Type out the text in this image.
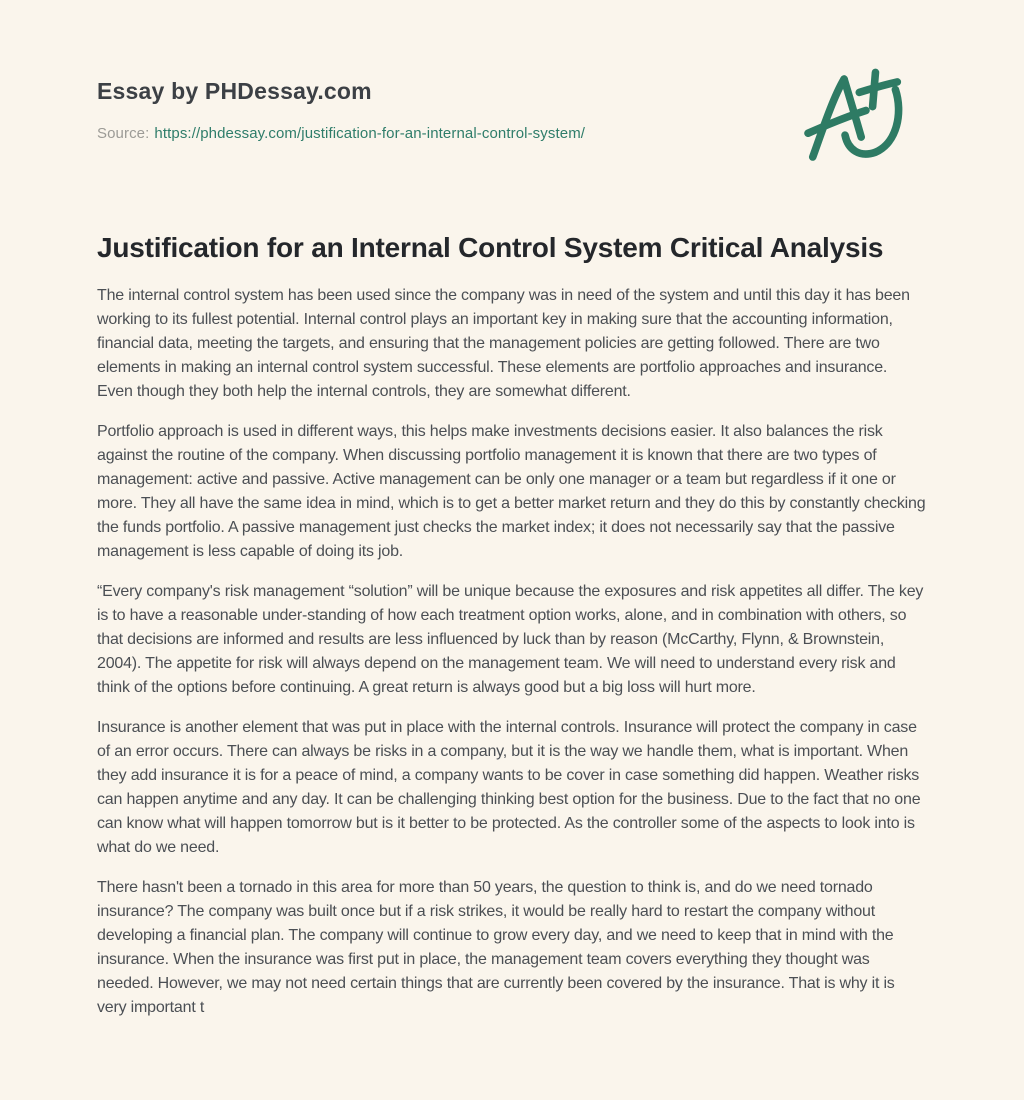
Essay by PHDessay.com
Source: https://phdessay.com/justification-for-an-internal-control-system/
Justification for an Internal Control System Critical Analysis

The internal control system has been used since the company was in need of the system and until this day it has been working to its fullest potential. Internal control plays an important key in making sure that the accounting information, financial data, meeting the targets, and ensuring that the management policies are getting followed. There are two elements in making an internal control system successful. These elements are portfolio approaches and insurance. Even though they both help the internal controls, they are somewhat different.

Portfolio approach is used in different ways, this helps make investments decisions easier. It also balances the risk against the routine of the company. When discussing portfolio management it is known that there are two types of management: active and passive. Active management can be only one manager or a team but regardless if it one or more. They all have the same idea in mind, which is to get a better market return and they do this by constantly checking the funds portfolio. A passive management just checks the market index; it does not necessarily say that the passive management is less capable of doing its job.

“Every company's risk management “solution” will be unique because the exposures and risk appetites all differ. The key is to have a reasonable under-standing of how each treatment option works, alone, and in combination with others, so that decisions are informed and results are less influenced by luck than by reason (McCarthy, Flynn, & Brownstein, 2004). The appetite for risk will always depend on the management team. We will need to understand every risk and think of the options before continuing. A great return is always good but a big loss will hurt more.

Insurance is another element that was put in place with the internal controls. Insurance will protect the company in case of an error occurs. There can always be risks in a company, but it is the way we handle them, what is important. When they add insurance it is for a peace of mind, a company wants to be cover in case something did happen. Weather risks can happen anytime and any day. It can be challenging thinking best option for the business. Due to the fact that no one can know what will happen tomorrow but is it better to be protected. As the controller some of the aspects to look into is what do we need.

There hasn't been a tornado in this area for more than 50 years, the question to think is, and do we need tornado insurance? The company was built once but if a risk strikes, it would be really hard to restart the company without developing a financial plan. The company will continue to grow every day, and we need to keep that in mind with the insurance. When the insurance was first put in place, the management team covers everything they thought was needed. However, we may not need certain things that are currently been covered by the insurance. That is why it is very important t
